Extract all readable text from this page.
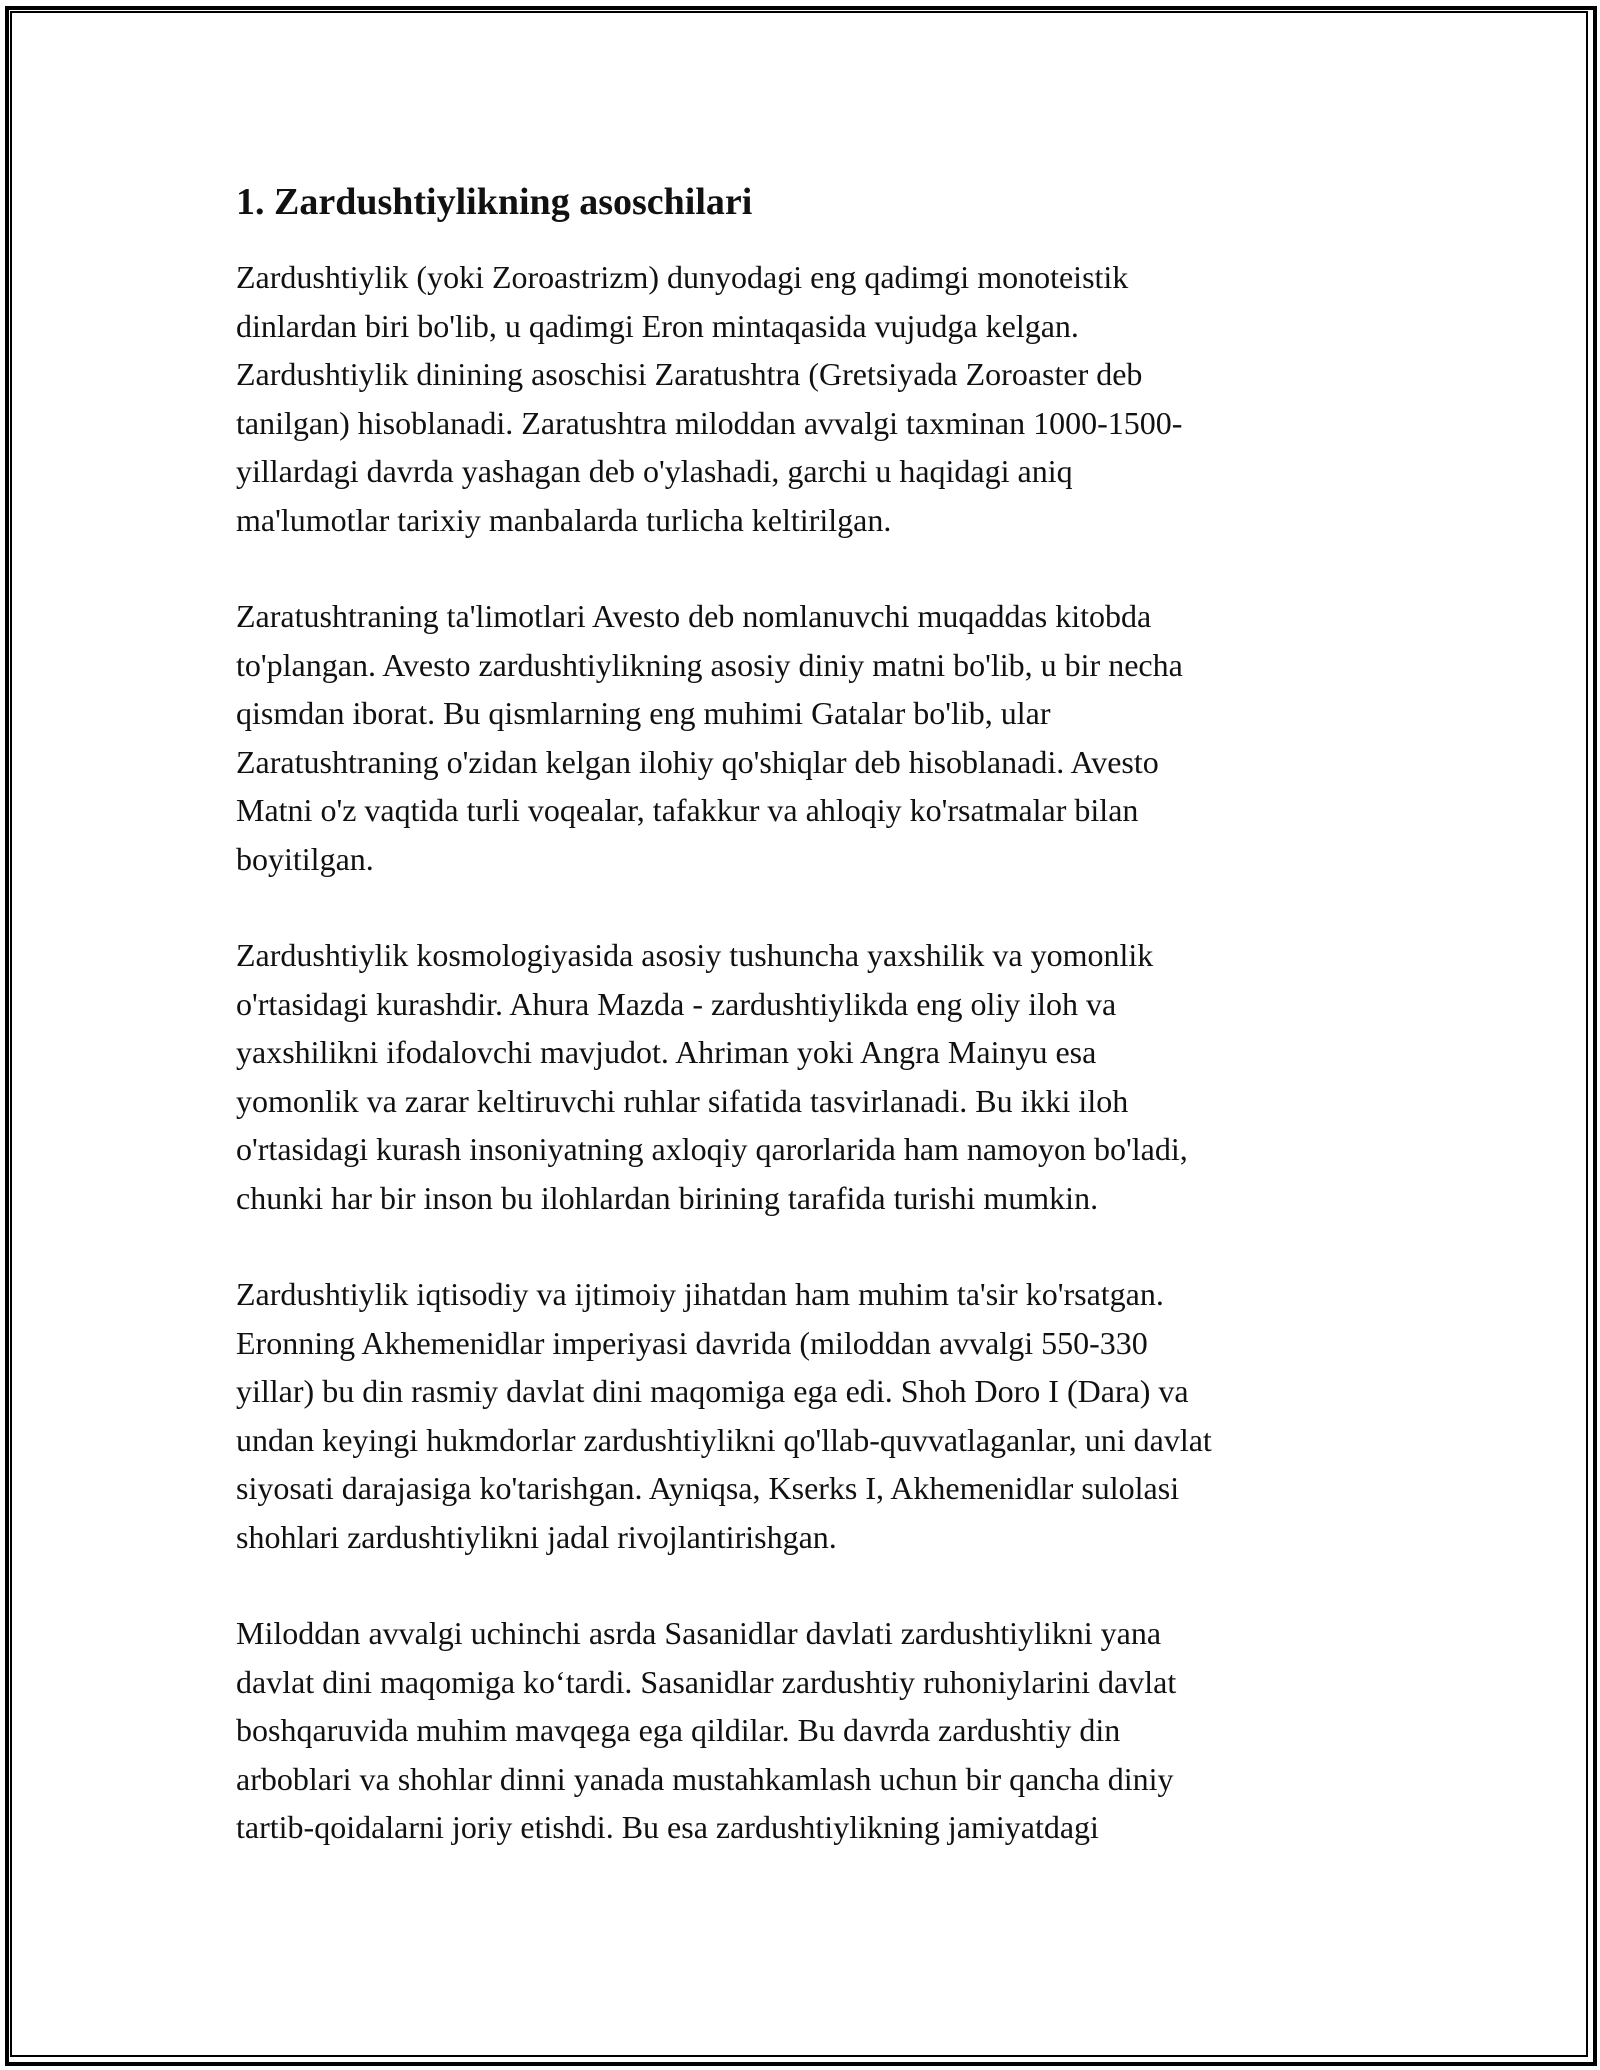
1. Zardushtiylikning asoschilari

Zardushtiylik (yoki Zoroastrizm) dunyodagi eng qadimgi monoteistik
dinlardan biri bo'lib, u qadimgi Eron mintaqasida vujudga kelgan.
Zardushtiylik dinining asoschisi Zaratushtra (Gretsiyada Zoroaster deb
tanilgan) hisoblanadi. Zaratushtra miloddan avvalgi taxminan 1000-1500-
yillardagi davrda yashagan deb o'ylashadi, garchi u haqidagi aniq
ma'lumotlar tarixiy manbalarda turlicha keltirilgan.

Zaratushtraning ta'limotlari Avesto deb nomlanuvchi muqaddas kitobda
to'plangan. Avesto zardushtiylikning asosiy diniy matni bo'lib, u bir necha
qismdan iborat. Bu qismlarning eng muhimi Gatalar bo'lib, ular
Zaratushtraning o'zidan kelgan ilohiy qo'shiqlar deb hisoblanadi. Avesto
Matni o'z vaqtida turli voqealar, tafakkur va ahloqiy ko'rsatmalar bilan
boyitilgan.

Zardushtiylik kosmologiyasida asosiy tushuncha yaxshilik va yomonlik
o'rtasidagi kurashdir. Ahura Mazda - zardushtiylikda eng oliy iloh va
yaxshilikni ifodalovchi mavjudot. Ahriman yoki Angra Mainyu esa
yomonlik va zarar keltiruvchi ruhlar sifatida tasvirlanadi. Bu ikki iloh
o'rtasidagi kurash insoniyatning axloqiy qarorlarida ham namoyon bo'ladi,
chunki har bir inson bu ilohlardan birining tarafida turishi mumkin.

Zardushtiylik iqtisodiy va ijtimoiy jihatdan ham muhim ta'sir ko'rsatgan.
Eronning Akhemenidlar imperiyasi davrida (miloddan avvalgi 550-330
yillar) bu din rasmiy davlat dini maqomiga ega edi. Shoh Doro I (Dara) va
undan keyingi hukmdorlar zardushtiylikni qo'llab-quvvatlaganlar, uni davlat
siyosati darajasiga ko'tarishgan. Ayniqsa, Kserks I, Akhemenidlar sulolasi
shohlari zardushtiylikni jadal rivojlantirishgan.

Miloddan avvalgi uchinchi asrda Sasanidlar davlati zardushtiylikni yana
davlat dini maqomiga ko‘tardi. Sasanidlar zardushtiy ruhoniylarini davlat
boshqaruvida muhim mavqega ega qildilar. Bu davrda zardushtiy din
arboblari va shohlar dinni yanada mustahkamlash uchun bir qancha diniy
tartib-qoidalarni joriy etishdi. Bu esa zardushtiylikning jamiyatdagi
